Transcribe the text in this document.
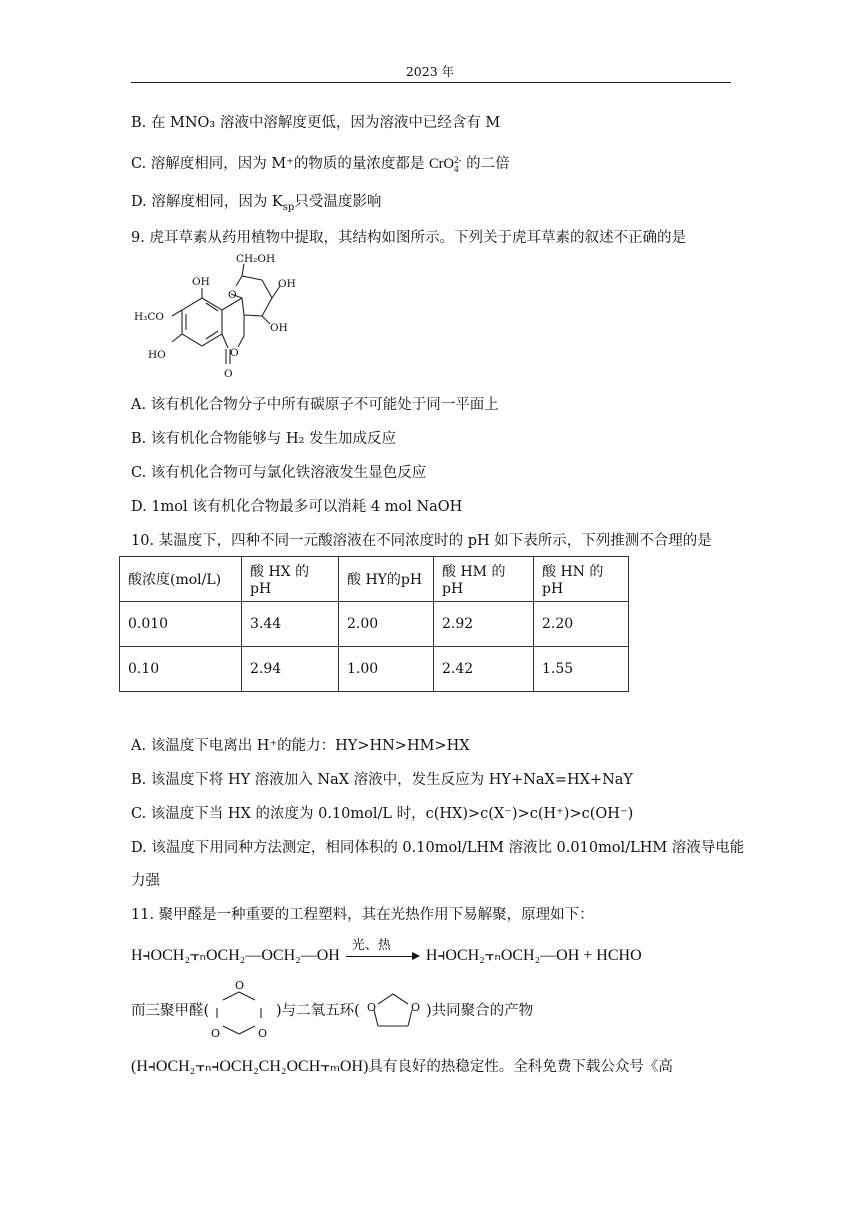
2023 年
B. 在 MNO₃ 溶液中溶解度更低，因为溶液中已经含有 M
C. 溶解度相同，因为 M⁺的物质的量浓度都是 CrO 2-
4 的二倍
D. 溶解度相同，因为 $K_{sp}$只受温度影响
9. 虎耳草素从药用植物中提取，其结构如图所示。下列关于虎耳草素的叙述不正确的是
CH₂OH
OH
OH
OH
H₃CO
HO
O
O
O
A. 该有机化合物分子中所有碳原子不可能处于同一平面上
B. 该有机化合物能够与 H₂ 发生加成反应
C. 该有机化合物可与氯化铁溶液发生显色反应
D. 1mol 该有机化合物最多可以消耗 4 mol NaOH
10. 某温度下，四种不同一元酸溶液在不同浓度时的 pH 如下表所示，下列推测不合理的是
酸浓度(mol/L)	酸 HX 的 pH	酸 HY的pH	酸 HM 的 pH	酸 HN 的 pH
0.010	3.44	2.00	2.92	2.20
0.10	2.94	1.00	2.42	1.55
A. 该温度下电离出 H⁺的能力：HY>HN>HM>HX
B. 该温度下将 HY 溶液加入 NaX 溶液中，发生反应为 HY+NaX=HX+NaY
C. 该温度下当 HX 的浓度为 0.10mol/L 时，c(HX)>c(X⁻)>c(H⁺)>c(OH⁻)
D. 该温度下用同种方法测定，相同体积的 0.10mol/LHM 溶液比 0.010mol/LHM 溶液导电能
力强
11. 聚甲醛是一种重要的工程塑料，其在光热作用下易解聚，原理如下：
H⫞OCH₂⫟ₙOCH₂—OCH₂—OH
光、热
H⫞OCH₂⫟ₙOCH₂—OH + HCHO
而三聚甲醛(
O
O
O
)与二氧五环( O	O )共同聚合的产物
(H⫞OCH₂⫟ₙ⫞OCH₂CH₂OCH⫟ₘOH)具有良好的热稳定性。全科免费下载公众号《高
